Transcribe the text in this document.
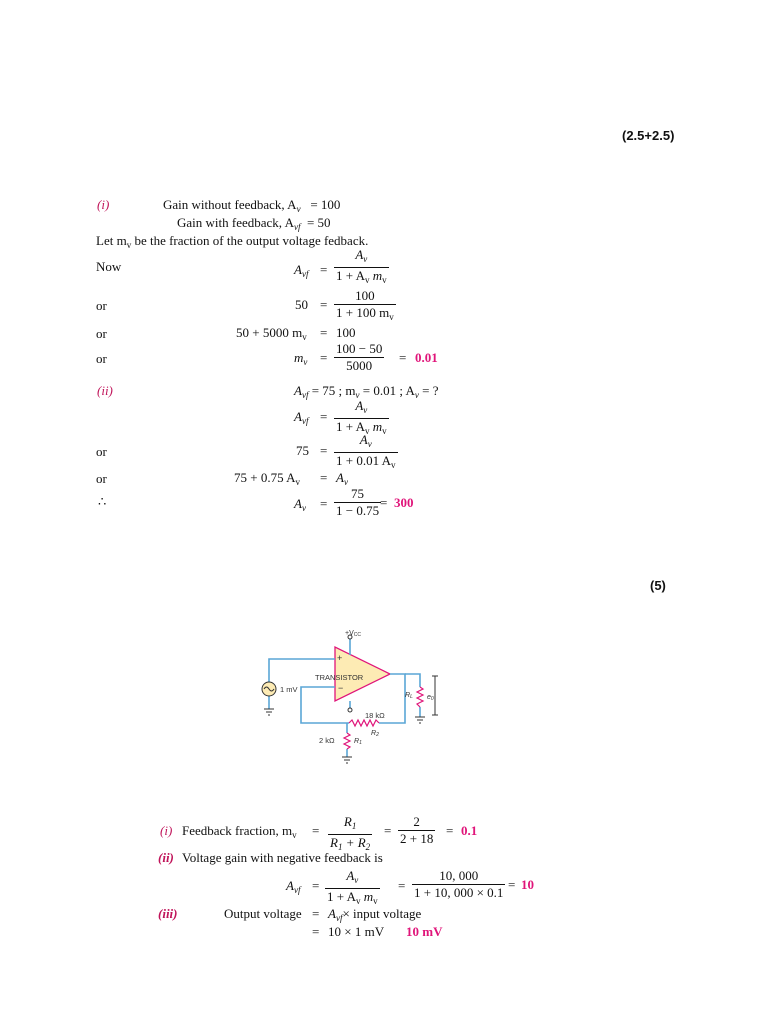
(2.5+2.5)
(5)
(i)	Gain without feedback, $A_v = 100$
Gain with feedback, $A_{vf} = 50$
Let $m_v$ be the fraction of the output voltage fedback.
Now	$A_{vf}$ =
$A_v$
$1 + A_v$ $m_v$
or	50 =
100
1 + 100 $m_v$
or	50 + 5000 $m_v = 100$
or	$m_v$ =
100 − 50
5000
= 0.01
(ii)	$A_{vf} = 75$ ; $m_v = 0.01$ ; $A_v$ = ?
$A_{vf}$ =
$A_v$
$1 + A_v$ $m_v$
or	75 =
$A_v$
1 + 0.01 $A_v$
or	75 + 0.75 $A_v = A_v$
∴	$A_v$ =
75
1 − 0.75
= 300
+VCC
+
−
TRANSISTOR
1 mV
RL e0
18 kΩ
R2
2 kΩ	R1
(i) Feedback fraction, $m_v$ =
$R_1$
$R_1 + R_2$
=
2
2 + 18
= 0.1
(ii) Voltage gain with negative feedback is
$A_{vf}$ =
$A_v$
$1 + A_v$ $m_v$
=
10, 000
1 + 10, 000 × 0.1
= 10
(iii)	Output voltage = $A_{vf}\times$ input voltage
= 10 × 1 mV 10 mV
